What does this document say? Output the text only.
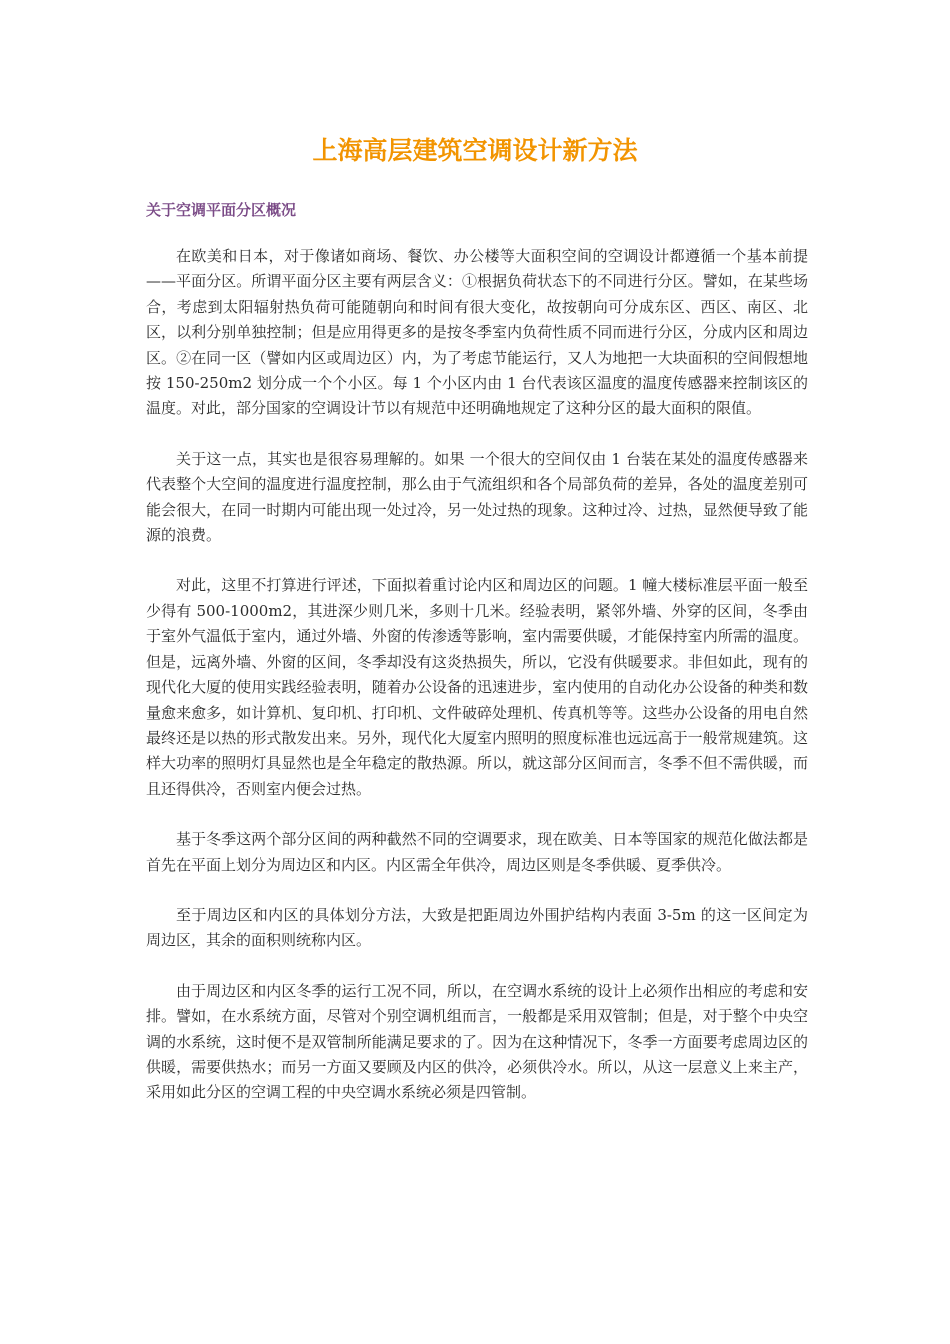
上海高层建筑空调设计新方法
关于空调平面分区概况

在欧美和日本，对于像诸如商场、餐饮、办公楼等大面积空间的空调设计都遵循一个基本前提——平面分区。所谓平面分区主要有两层含义：①根据负荷状态下的不同进行分区。譬如，在某些场合，考虑到太阳辐射热负荷可能随朝向和时间有很大变化，故按朝向可分成东区、西区、南区、北区，以利分别单独控制；但是应用得更多的是按冬季室内负荷性质不同而进行分区，分成内区和周边区。②在同一区（譬如内区或周边区）内，为了考虑节能运行，又人为地把一大块面积的空间假想地按 150-250m2 划分成一个个小区。每 1 个小区内由 1 台代表该区温度的温度传感器来控制该区的温度。对此，部分国家的空调设计节以有规范中还明确地规定了这种分区的最大面积的限值。

关于这一点，其实也是很容易理解的。如果 一个很大的空间仅由 1 台装在某处的温度传感器来代表整个大空间的温度进行温度控制，那么由于气流组织和各个局部负荷的差异，各处的温度差别可能会很大，在同一时期内可能出现一处过冷，另一处过热的现象。这种过冷、过热，显然便导致了能源的浪费。

对此，这里不打算进行评述，下面拟着重讨论内区和周边区的问题。1 幢大楼标准层平面一般至少得有 500-1000m2，其进深少则几米，多则十几米。经验表明，紧邻外墙、外穿的区间，冬季由于室外气温低于室内，通过外墙、外窗的传渗透等影响，室内需要供暖，才能保持室内所需的温度。但是，远离外墙、外窗的区间，冬季却没有这炎热损失，所以，它没有供暖要求。非但如此，现有的现代化大厦的使用实践经验表明，随着办公设备的迅速进步，室内使用的自动化办公设备的种类和数量愈来愈多，如计算机、复印机、打印机、文件破碎处理机、传真机等等。这些办公设备的用电自然最终还是以热的形式散发出来。另外，现代化大厦室内照明的照度标准也远远高于一般常规建筑。这样大功率的照明灯具显然也是全年稳定的散热源。所以，就这部分区间而言，冬季不但不需供暖，而且还得供冷，否则室内便会过热。

基于冬季这两个部分区间的两种截然不同的空调要求，现在欧美、日本等国家的规范化做法都是首先在平面上划分为周边区和内区。内区需全年供冷，周边区则是冬季供暖、夏季供冷。

至于周边区和内区的具体划分方法，大致是把距周边外围护结构内表面 3-5m 的这一区间定为周边区，其余的面积则统称内区。

由于周边区和内区冬季的运行工况不同，所以，在空调水系统的设计上必须作出相应的考虑和安排。譬如，在水系统方面，尽管对个别空调机组而言，一般都是采用双管制；但是，对于整个中央空调的水系统，这时便不是双管制所能满足要求的了。因为在这种情况下，冬季一方面要考虑周边区的供暖，需要供热水；而另一方面又要顾及内区的供冷，必须供冷水。所以，从这一层意义上来主产，采用如此分区的空调工程的中央空调水系统必须是四管制。
